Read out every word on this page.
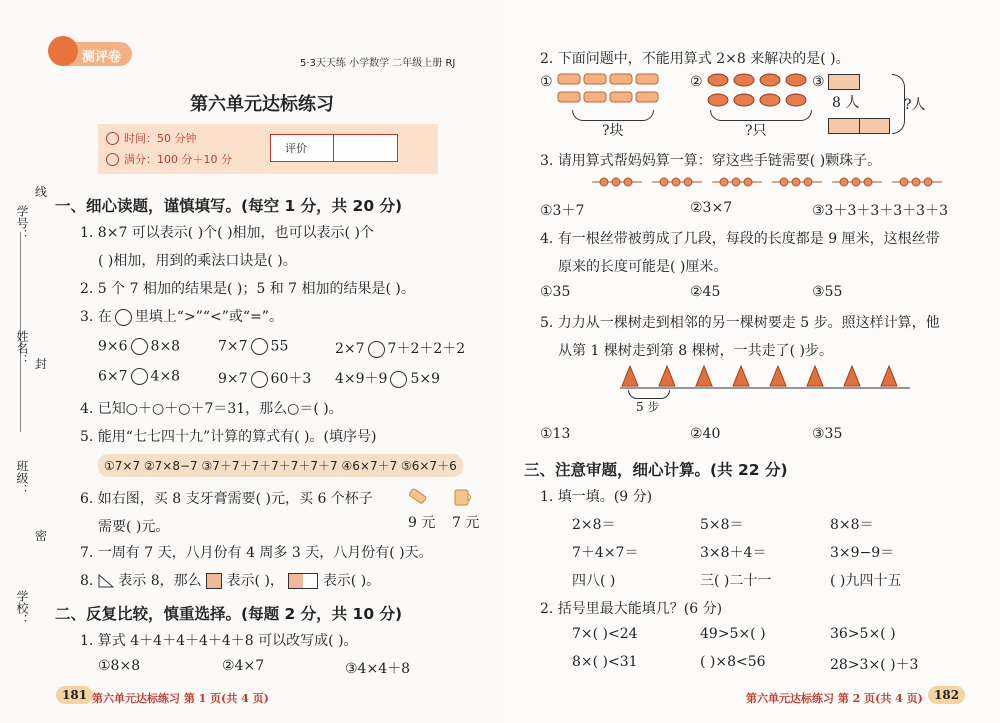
学号：
线
姓名： 封
班级：
密
学校：
测评卷	5·3天天练 小学数学 二年级上册 RJ
第六单元达标练习
时间：50 分钟
满分：100 分＋10 分
评价
一、细心读题，谨慎填写。(每空 1 分，共 20 分)
1. 8×7 可以表示( )个( )相加，也可以表示( )个
( )相加，用到的乘法口诀是( )。
2. 5 个 7 相加的结果是( )；5 和 7 相加的结果是( )。
3. 在 里填上“>”“<”或“=”。
9×6 8×8	7×7 55	2×7 7＋2＋2＋2
6×7 4×8	9×7 60＋3 4×9＋9 5×9
4. 已知○＋○＋○＋7＝31，那么○＝( )。
5. 能用“七七四十九”计算的算式有( )。(填序号)
①7×7 ②7×8−7 ③7＋7＋7＋7＋7＋7＋7 ④6×7＋7 ⑤6×7＋6
6. 如右图，买 8 支牙膏需要( )元，买 6 个杯子
需要( )元。	9 元 7 元
7. 一周有 7 天，八月份有 4 周多 3 天，八月份有( )天。
8. 表示 8，那么 表示( )，	表示( )。
二、反复比较，慎重选择。(每题 2 分，共 10 分)
1. 算式 4＋4＋4＋4＋4＋8 可以改写成( )。
①8×8	②4×7	③4×4＋8
181 第六单元达标练习 第 1 页(共 4 页)
2. 下面问题中，不能用算式 2×8 来解决的是( )。
①
?块
②
?只
③
8 人	?人
3. 请用算式帮妈妈算一算：穿这些手链需要( )颗珠子。
①3＋7	②3×7	③3＋3＋3＋3＋3＋3
4. 有一根丝带被剪成了几段，每段的长度都是 9 厘米，这根丝带
原来的长度可能是( )厘米。
①35	②45	③55
5. 力力从一棵树走到相邻的另一棵树要走 5 步。照这样计算，他
从第 1 棵树走到第 8 棵树，一共走了( )步。
5 步
①13	②40	③35
三、注意审题，细心计算。(共 22 分)
1. 填一填。(9 分)
2×8＝	5×8＝	8×8＝
7＋4×7＝	3×8＋4＝	3×9−9＝
四八( )	三( )二十一	( )九四十五
2. 括号里最大能填几？(6 分)
7×( )<24	49>5×( )	36>5×( )
8×( )<31	( )×8<56	28>3×( )＋3
第六单元达标练习 第 2 页(共 4 页) 182
